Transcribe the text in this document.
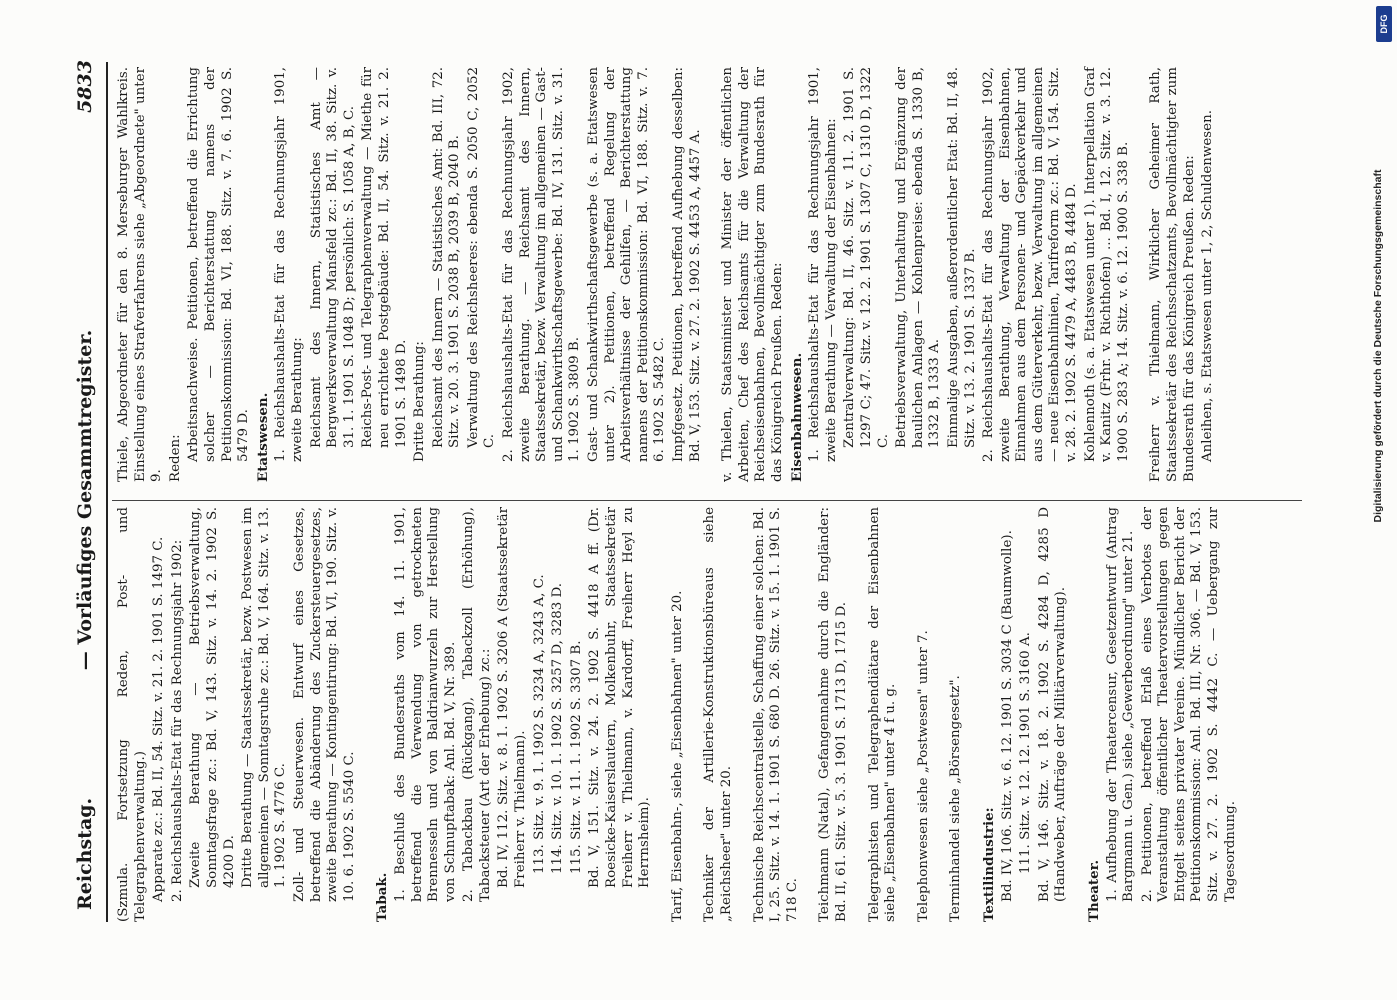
Reichstag.
— Vorläufiges Gesammtregister.
5833

(Szmula. Fortsetzung Reden, Post- und Telegraphenverwaltung.) Apparate zc.: Bd. II, 54. Sitz. v. 21. 2. 1901 S. 1497 C. 2. Reichshaushalts-Etat für das Rechnungsjahr 1902: Zweite Berathung — Betriebsverwaltung, Sonntagsfrage zc.: Bd. V, 143. Sitz. v. 14. 2. 1902 S. 4200 D. Dritte Berathung — Staatssekretär, bezw. Postwesen im allgemeinen — Sonntagsruhe zc.: Bd. V, 164. Sitz. v. 13. 1. 1902 S. 4776 C. Zoll- und Steuerwesen. Entwurf eines Gesetzes, betreffend die Abänderung des Zuckersteuergesetzes, zweite Berathung — Kontingentirung: Bd. VI, 190. Sitz. v. 10. 6. 1902 S. 5540 C. Tabak. 1. Beschluß des Bundesraths vom 14. 11. 1901, betreffend die Verwendung von getrockneten Brennesseln und von Baldrianwurzeln zur Herstellung von Schnupftabak: Anl. Bd. V, Nr. 389. 2. Tabackbau (Rückgang), Tabackzoll (Erhöhung), Tabacksteuer (Art der Erhebung) zc.: Bd. IV, 112. Sitz. v. 8. 1. 1902 S. 3206 A (Staatssekretär Freiherr v. Thielmann). 113. Sitz. v. 9. 1. 1902 S. 3234 A, 3243 A, C. 114. Sitz. v. 10. 1. 1902 S. 3257 D, 3283 D. 115. Sitz. v. 11. 1. 1902 S. 3307 B. Bd. V, 151. Sitz. v. 24. 2. 1902 S. 4418 A ff. (Dr. Roesicke-Kaiserslautern, Molkenbuhr, Staatssekretär Freiherr v. Thielmann, v. Kardorff, Freiherr Heyl zu Herrnsheim). Tarif, Eisenbahn-, siehe „Eisenbahnen" unter 20. Techniker der Artillerie-Konstruktionsbüreaus siehe „Reichsheer" unter 20. Technische Reichscentralstelle, Schaffung einer solchen: Bd. I, 25. Sitz. v. 14. 1. 1901 S. 680 D. 26. Sitz. v. 15. 1. 1901 S. 718 C. Teichmann (Natal), Gefangennahme durch die Engländer: Bd. II, 61. Sitz. v. 5. 3. 1901 S. 1713 D, 1715 D. Telegraphisten und Telegraphendiätare der Eisenbahnen siehe „Eisenbahnen" unter 4 f u. g. Telephonwesen siehe „Postwesen" unter 7. Terminhandel siehe „Börsengesetz". Textilindustrie: Bd. IV, 106. Sitz. v. 6. 12. 1901 S. 3034 C (Baumwolle). 111. Sitz. v. 12. 12. 1901 S. 3160 A. Bd. V, 146. Sitz. v. 18. 2. 1902 S. 4284 D, 4285 D (Handweber, Aufträge der Militärverwaltung). Theater. 1. Aufhebung der Theatercensur, Gesetzentwurf (Antrag Bargmann u. Gen.) siehe „Gewerbeordnung" unter 21. 2. Petitionen, betreffend Erlaß eines Verbotes der Veranstaltung öffentlicher Theatervorstellungen gegen Entgelt seitens privater Vereine. Mündlicher Bericht der Petitionskommission: Anl. Bd. III, Nr. 306. — Bd. V, 153. Sitz. v. 27. 2. 1902 S. 4442 C. — Uebergang zur Tagesordnung.

Thiele, Abgeordneter für den 8. Merseburger Wahlkreis. Einstellung eines Strafverfahrens siehe „Abgeordnete" unter 9. Reden: Arbeitsnachweise. Petitionen, betreffend die Errichtung solcher — Berichterstattung namens der Petitionskommission: Bd. VI, 188. Sitz. v. 7. 6. 1902 S. 5479 D. Etatswesen. 1. Reichshaushalts-Etat für das Rechnungsjahr 1901, zweite Berathung: Reichsamt des Innern, Statistisches Amt — Bergwerksverwaltung Mansfeld zc.: Bd. II, 38. Sitz. v. 31. 1. 1901 S. 1048 D; persönlich: S. 1058 A, B, C. Reichs-Post- und Telegraphenverwaltung — Miethe für neu errichtete Postgebäude: Bd. II, 54. Sitz. v. 21. 2. 1901 S. 1498 D. Dritte Berathung: Reichsamt des Innern — Statistisches Amt: Bd. III, 72. Sitz. v. 20. 3. 1901 S. 2038 B, 2039 B, 2040 B. Verwaltung des Reichsheeres: ebenda S. 2050 C, 2052 C. 2. Reichshaushalts-Etat für das Rechnungsjahr 1902, zweite Berathung. — Reichsamt des Innern, Staatssekretär, bezw. Verwaltung im allgemeinen — Gast- und Schankwirthschaftsgewerbe: Bd. IV, 131. Sitz. v. 31. 1. 1902 S. 3809 B. Gast- und Schankwirthschaftsgewerbe (s. a. Etatswesen unter 2). Petitionen, betreffend Regelung der Arbeitsverhältnisse der Gehilfen, — Berichterstattung namens der Petitionskommission: Bd. VI, 188. Sitz. v. 7. 6. 1902 S. 5482 C. Impfgesetz. Petitionen, betreffend Aufhebung desselben: Bd. V, 153. Sitz. v. 27. 2. 1902 S. 4453 A, 4457 A. v. Thielen, Staatsminister und Minister der öffentlichen Arbeiten, Chef des Reichsamts für die Verwaltung der Reichseisenbahnen, Bevollmächtigter zum Bundesrath für das Königreich Preußen. Reden: Eisenbahnwesen. 1. Reichshaushalts-Etat für das Rechnungsjahr 1901, zweite Berathung — Verwaltung der Eisenbahnen: Zentralverwaltung: Bd. II, 46. Sitz. v. 11. 2. 1901 S. 1297 C; 47. Sitz. v. 12. 2. 1901 S. 1307 C, 1310 D, 1322 C. Betriebsverwaltung, Unterhaltung und Ergänzung der baulichen Anlagen — Kohlenpreise: ebenda S. 1330 B, 1332 B, 1333 A. Einmalige Ausgaben, außerordentlicher Etat: Bd. II, 48. Sitz. v. 13. 2. 1901 S. 1337 B. 2. Reichshaushalts-Etat für das Rechnungsjahr 1902, zweite Berathung, Verwaltung der Eisenbahnen, Einnahmen aus dem Personen- und Gepäckverkehr und aus dem Güterverkehr, bezw. Verwaltung im allgemeinen — neue Eisenbahnlinien, Tarifreform zc.: Bd. V, 154. Sitz. v. 28. 2. 1902 S. 4479 A, 4483 B, 4484 D. Kohlennoth (s. a. Etatswesen unter 1). Interpellation Graf v. Kanitz (Frhr. v. Richthofen) ... Bd. I, 12. Sitz. v. 3. 12. 1900 S. 283 A; 14. Sitz. v. 6. 12. 1900 S. 338 B. Freiherr v. Thielmann, Wirklicher Geheimer Rath, Staatssekretär des Reichsschatzamts, Bevollmächtigter zum Bundesrath für das Königreich Preußen. Reden: Anleihen, s. Etatswesen unter 1, 2, Schuldenwesen.	Digitalisierung gefördert durch die Deutsche Forschungsgemeinschaft
DFG
